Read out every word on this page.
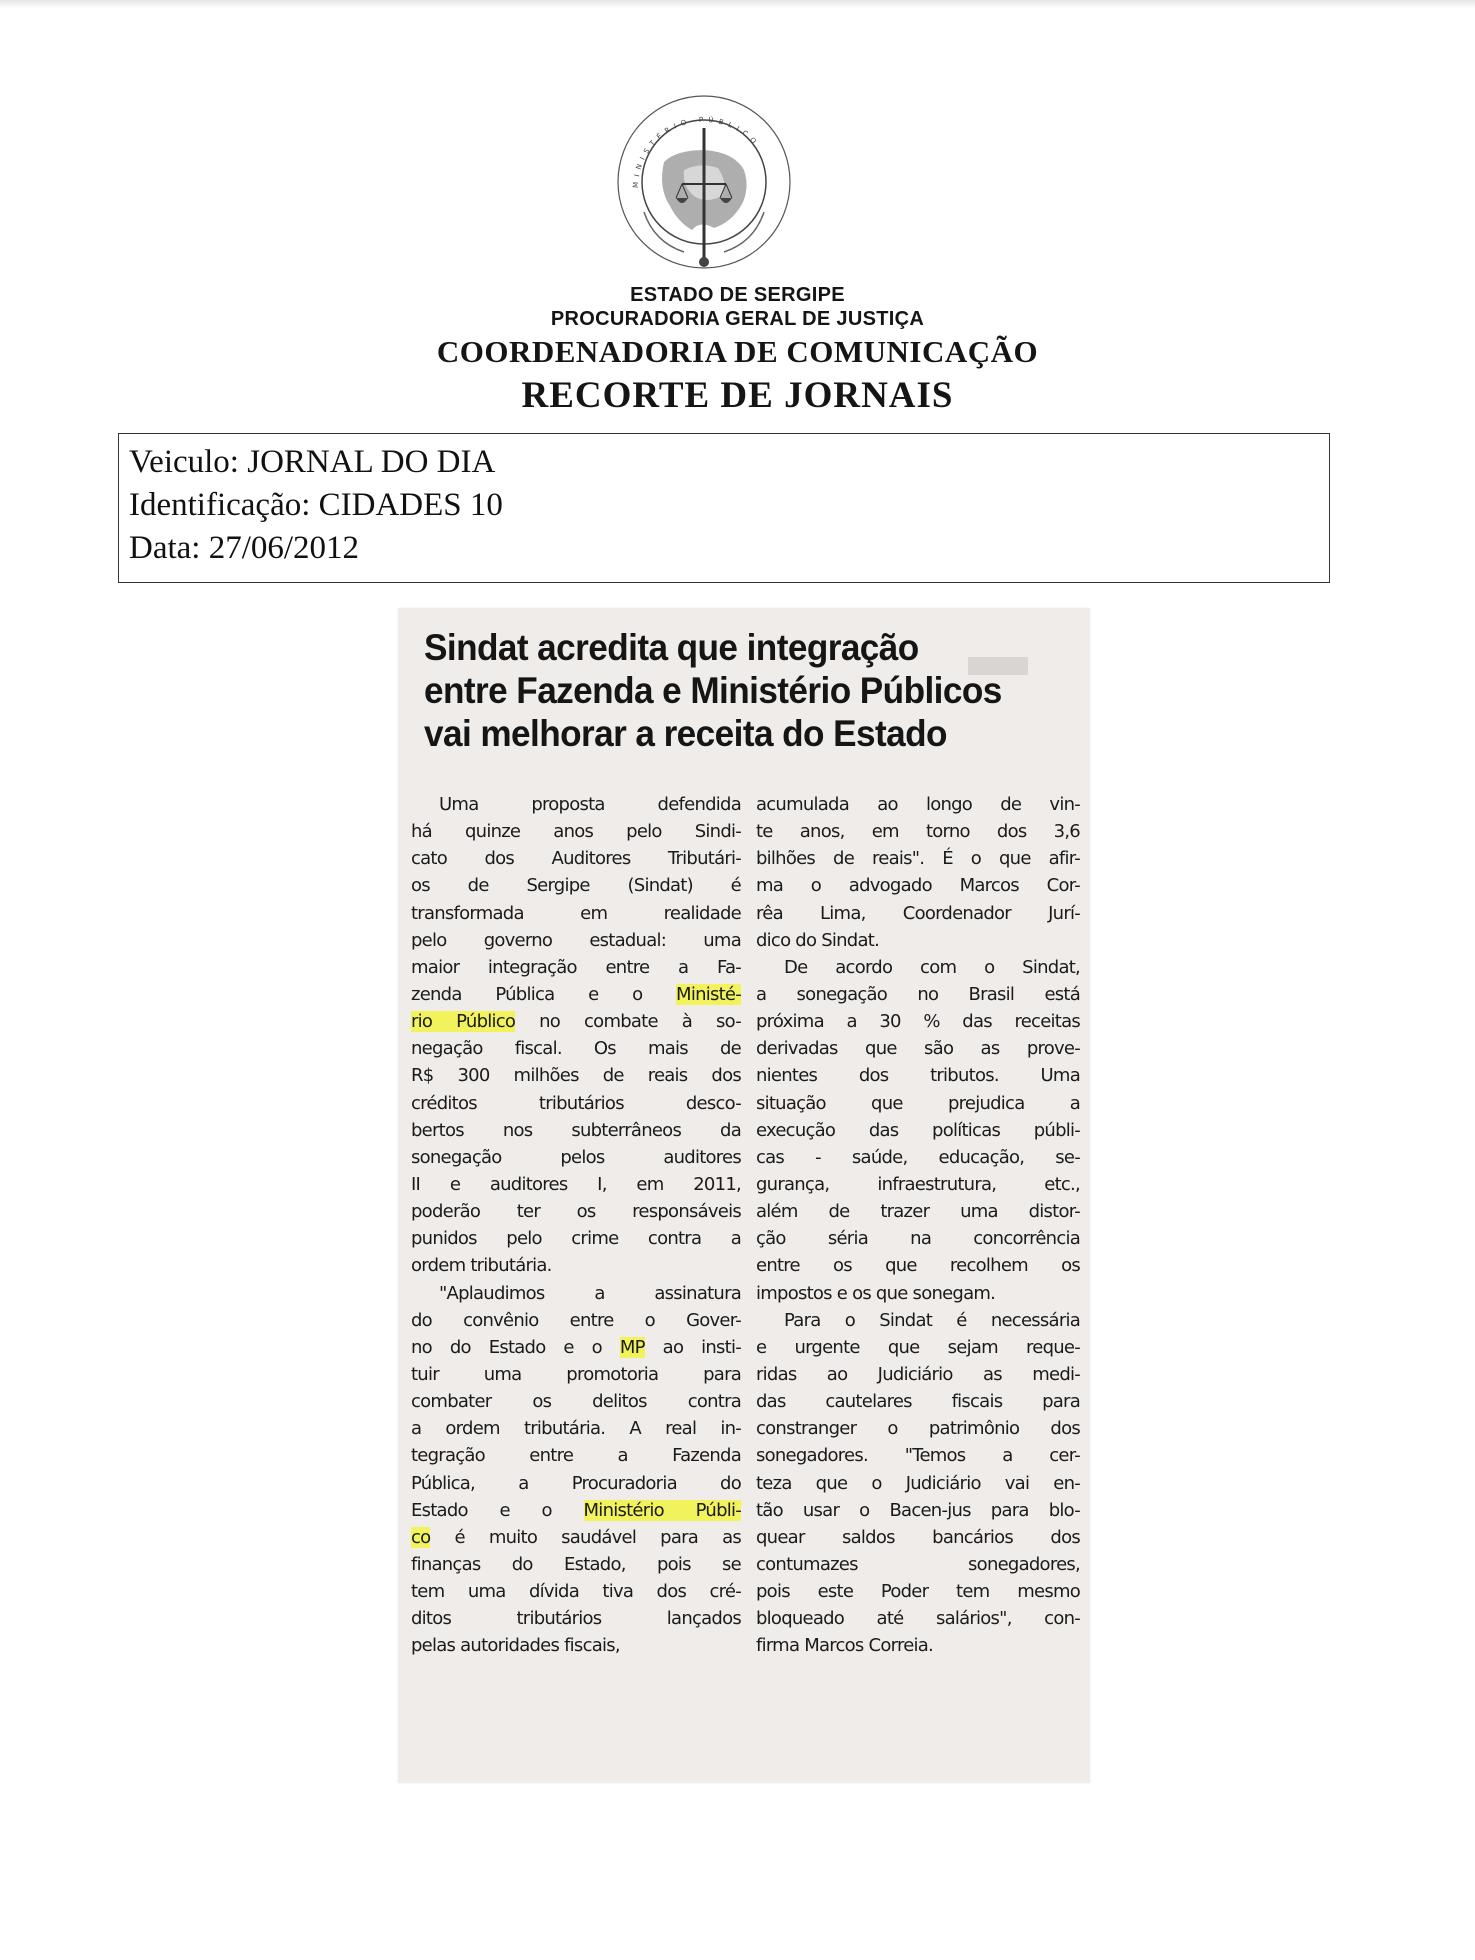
MINISTÉRIO PÚBLICO
ESTADO DE SERGIPE
PROCURADORIA GERAL DE JUSTIÇA
COORDENADORIA DE COMUNICAÇÃO
RECORTE DE JORNAIS
Veiculo: JORNAL DO DIA
Identificação: CIDADES 10
Data: 27/06/2012
▬
Sindat acredita que integração
entre Fazenda e Ministério Públicos
vai melhorar a receita do Estado
Uma proposta defendida
há quinze anos pelo Sindi-
cato dos Auditores Tributári-
os de Sergipe (Sindat) é
transformada em realidade
pelo governo estadual: uma
maior integração entre a Fa-
zenda Pública e o Ministé-
rio Público no combate à so-
negação fiscal. Os mais de
R$ 300 milhões de reais dos
créditos tributários desco-
bertos nos subterrâneos da
sonegação pelos auditores
II e auditores I, em 2011,
poderão ter os responsáveis
punidos pelo crime contra a
ordem tributária.
"Aplaudimos a assinatura
do convênio entre o Gover-
no do Estado e o MP ao insti-
tuir uma promotoria para
combater os delitos contra
a ordem tributária. A real in-
tegração entre a Fazenda
Pública, a Procuradoria do
Estado e o Ministério Públi-
co é muito saudável para as
finanças do Estado, pois se
tem uma dívida tiva dos cré-
ditos tributários lançados
pelas autoridades fiscais,
acumulada ao longo de vin-
te anos, em torno dos 3,6
bilhões de reais". É o que afir-
ma o advogado Marcos Cor-
rêa Lima, Coordenador Jurí-
dico do Sindat.
De acordo com o Sindat,
a sonegação no Brasil está
próxima a 30 % das receitas
derivadas que são as prove-
nientes dos tributos. Uma
situação que prejudica a
execução das políticas públi-
cas - saúde, educação, se-
gurança, infraestrutura, etc.,
além de trazer uma distor-
ção séria na concorrência
entre os que recolhem os
impostos e os que sonegam.
Para o Sindat é necessária
e urgente que sejam reque-
ridas ao Judiciário as medi-
das cautelares fiscais para
constranger o patrimônio dos
sonegadores. "Temos a cer-
teza que o Judiciário vai en-
tão usar o Bacen-jus para blo-
quear saldos bancários dos
contumazes sonegadores,
pois este Poder tem mesmo
bloqueado até salários", con-
firma Marcos Correia.
